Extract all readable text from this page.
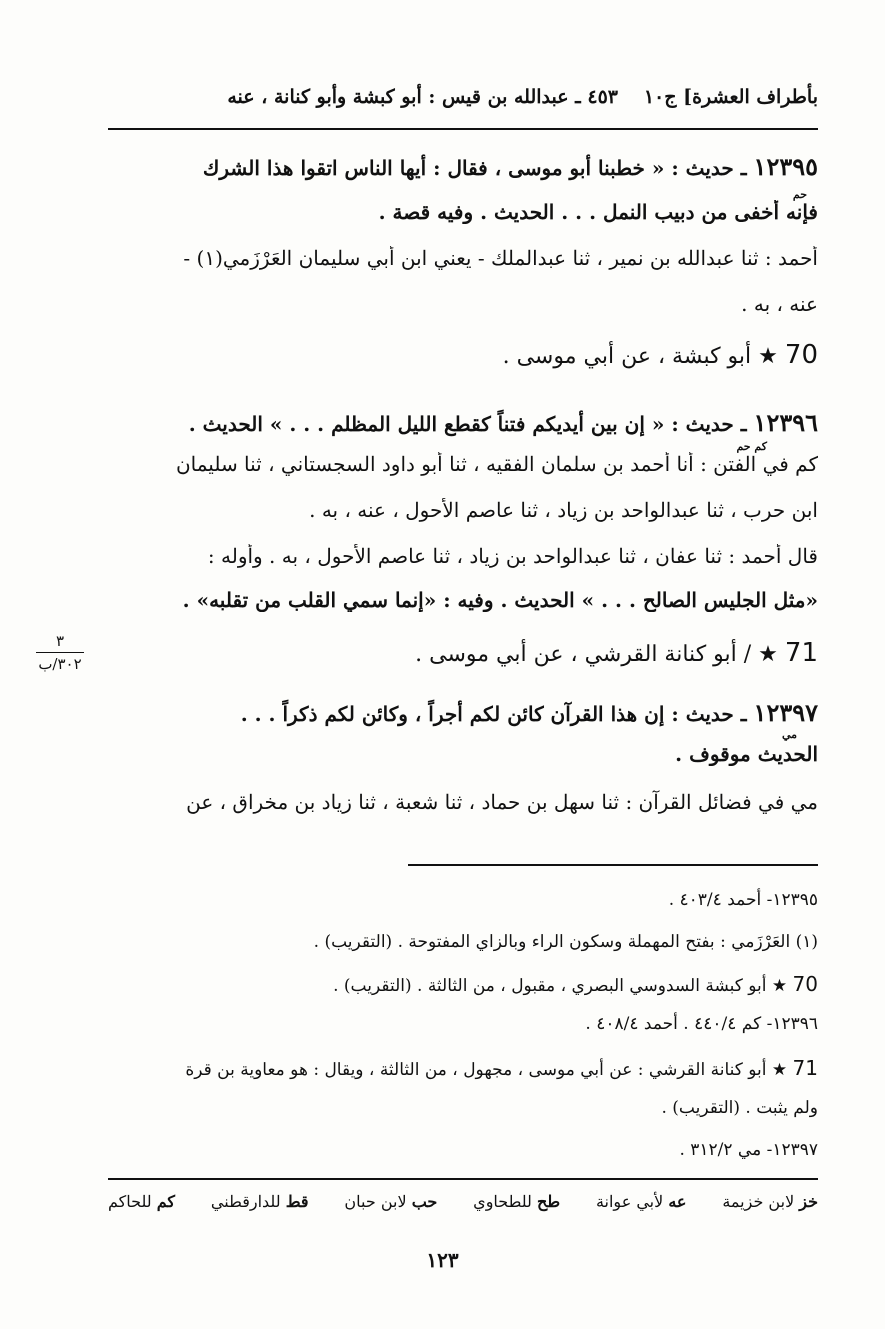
بأطراف العشرة] ج١٠
٤٥٣ ـ عبدالله بن قيس : أبو كبشة وأبو كنانة ، عنه
١٢٣٩٥ ـ حديث : « خطبنا أبو موسى ، فقال : أيها الناس اتقوا هذا الشرك
حم
فإنه أخفى من دبيب النمل . . . الحديث . وفيه قصة .
أحمد : ثنا عبدالله بن نمير ، ثنا عبدالملك - يعني ابن أبي سليمان العَرْزَمي(١) -
عنه ، به .
70 ★ أبو كبشة ، عن أبي موسى .
١٢٣٩٦ ـ حديث : « إن بين أيديكم فتناً كقطع الليل المظلم . . . » الحديث .
كم حم
كم في الفتن : أنا أحمد بن سلمان الفقيه ، ثنا أبو داود السجستاني ، ثنا سليمان
ابن حرب ، ثنا عبدالواحد بن زياد ، ثنا عاصم الأحول ، عنه ، به .
قال أحمد : ثنا عفان ، ثنا عبدالواحد بن زياد ، ثنا عاصم الأحول ، به . وأوله :
«مثل الجليس الصالح . . . » الحديث . وفيه : «إنما سمي القلب من تقلبه» .
٣
٣٠٢/ب	71 ★ / أبو كنانة القرشي ، عن أبي موسى .
١٢٣٩٧ ـ حديث : إن هذا القرآن كائن لكم أجراً ، وكائن لكم ذكراً . . .
مي
الحديث موقوف .
مي في فضائل القرآن : ثنا سهل بن حماد ، ثنا شعبة ، ثنا زياد بن مخراق ، عن
١٢٣٩٥- أحمد ٤٠٣/٤ .
(١) العَرْزَمي : بفتح المهملة وسكون الراء وبالزاي المفتوحة . (التقريب) .
70 ★ أبو كبشة السدوسي البصري ، مقبول ، من الثالثة . (التقريب) .
١٢٣٩٦- كم ٤٤٠/٤ . أحمد ٤٠٨/٤ .
71 ★ أبو كنانة القرشي : عن أبي موسى ، مجهول ، من الثالثة ، ويقال : هو معاوية بن قرة
ولم يثبت . (التقريب) .
١٢٣٩٧- مي ٣١٢/٢ .
خز لابن خزيمة
عه لأبي عوانة
طح للطحاوي
حب لابن حبان
قط للدارقطني
كم للحاكم
١٢٣
